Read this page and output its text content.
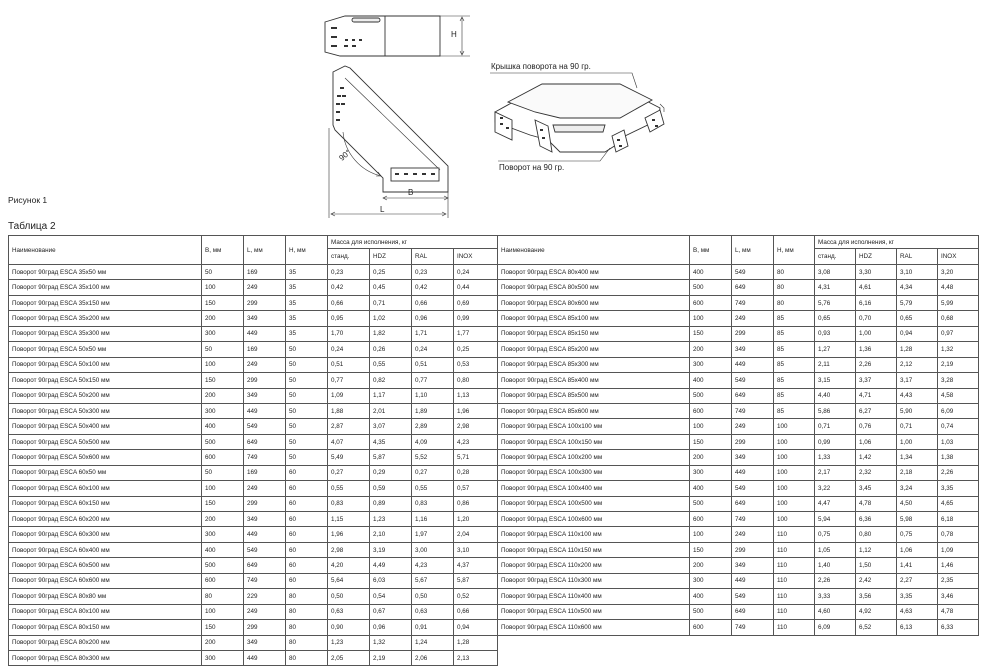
H
B
L
90°
Крышка поворота на 90 гр.
Поворот на 90 гр.
Рисунок 1
Таблица 2
Наименование	B, мм	L, мм	H, мм	Масса для исполнения, кг			
				станд.	HDZ	RAL	INOX
Поворот 90град ESCA 35x50 мм	50	169	35	0,23	0,25	0,23	0,24
Поворот 90град ESCA 35x100 мм	100	249	35	0,42	0,45	0,42	0,44
Поворот 90град ESCA 35x150 мм	150	299	35	0,66	0,71	0,66	0,69
Поворот 90град ESCA 35x200 мм	200	349	35	0,95	1,02	0,96	0,99
Поворот 90град ESCA 35x300 мм	300	449	35	1,70	1,82	1,71	1,77
Поворот 90град ESCA 50x50 мм	50	169	50	0,24	0,26	0,24	0,25
Поворот 90град ESCA 50x100 мм	100	249	50	0,51	0,55	0,51	0,53
Поворот 90град ESCA 50x150 мм	150	299	50	0,77	0,82	0,77	0,80
Поворот 90град ESCA 50x200 мм	200	349	50	1,09	1,17	1,10	1,13
Поворот 90град ESCA 50x300 мм	300	449	50	1,88	2,01	1,89	1,96
Поворот 90град ESCA 50x400 мм	400	549	50	2,87	3,07	2,89	2,98
Поворот 90град ESCA 50x500 мм	500	649	50	4,07	4,35	4,09	4,23
Поворот 90град ESCA 50x600 мм	600	749	50	5,49	5,87	5,52	5,71
Поворот 90град ESCA 60x50 мм	50	169	60	0,27	0,29	0,27	0,28
Поворот 90град ESCA 60x100 мм	100	249	60	0,55	0,59	0,55	0,57
Поворот 90град ESCA 60x150 мм	150	299	60	0,83	0,89	0,83	0,86
Поворот 90град ESCA 60x200 мм	200	349	60	1,15	1,23	1,16	1,20
Поворот 90град ESCA 60x300 мм	300	449	60	1,96	2,10	1,97	2,04
Поворот 90град ESCA 60x400 мм	400	549	60	2,98	3,19	3,00	3,10
Поворот 90град ESCA 60x500 мм	500	649	60	4,20	4,49	4,23	4,37
Поворот 90град ESCA 60x600 мм	600	749	60	5,64	6,03	5,67	5,87
Поворот 90град ESCA 80x80 мм	80	229	80	0,50	0,54	0,50	0,52
Поворот 90град ESCA 80x100 мм	100	249	80	0,63	0,67	0,63	0,66
Поворот 90град ESCA 80x150 мм	150	299	80	0,90	0,96	0,91	0,94
Поворот 90град ESCA 80x200 мм	200	349	80	1,23	1,32	1,24	1,28
Поворот 90град ESCA 80x300 мм	300	449	80	2,05	2,19	2,06	2,13
Наименование	B, мм	L, мм	H, мм	Масса для исполнения, кг			
				станд.	HDZ	RAL	INOX
Поворот 90град ESCA 80x400 мм	400	549	80	3,08	3,30	3,10	3,20
Поворот 90град ESCA 80x500 мм	500	649	80	4,31	4,61	4,34	4,48
Поворот 90град ESCA 80x600 мм	600	749	80	5,76	6,16	5,79	5,99
Поворот 90град ESCA 85x100 мм	100	249	85	0,65	0,70	0,65	0,68
Поворот 90град ESCA 85x150 мм	150	299	85	0,93	1,00	0,94	0,97
Поворот 90град ESCA 85x200 мм	200	349	85	1,27	1,36	1,28	1,32
Поворот 90град ESCA 85x300 мм	300	449	85	2,11	2,26	2,12	2,19
Поворот 90град ESCA 85x400 мм	400	549	85	3,15	3,37	3,17	3,28
Поворот 90град ESCA 85x500 мм	500	649	85	4,40	4,71	4,43	4,58
Поворот 90град ESCA 85x600 мм	600	749	85	5,86	6,27	5,90	6,09
Поворот 90град ESCA 100x100 мм	100	249	100	0,71	0,76	0,71	0,74
Поворот 90град ESCA 100x150 мм	150	299	100	0,99	1,06	1,00	1,03
Поворот 90град ESCA 100x200 мм	200	349	100	1,33	1,42	1,34	1,38
Поворот 90град ESCA 100x300 мм	300	449	100	2,17	2,32	2,18	2,26
Поворот 90град ESCA 100x400 мм	400	549	100	3,22	3,45	3,24	3,35
Поворот 90град ESCA 100x500 мм	500	649	100	4,47	4,78	4,50	4,65
Поворот 90град ESCA 100x600 мм	600	749	100	5,94	6,36	5,98	6,18
Поворот 90град ESCA 110x100 мм	100	249	110	0,75	0,80	0,75	0,78
Поворот 90град ESCA 110x150 мм	150	299	110	1,05	1,12	1,06	1,09
Поворот 90град ESCA 110x200 мм	200	349	110	1,40	1,50	1,41	1,46
Поворот 90град ESCA 110x300 мм	300	449	110	2,26	2,42	2,27	2,35
Поворот 90град ESCA 110x400 мм	400	549	110	3,33	3,56	3,35	3,46
Поворот 90град ESCA 110x500 мм	500	649	110	4,60	4,92	4,63	4,78
Поворот 90град ESCA 110x600 мм	600	749	110	6,09	6,52	6,13	6,33
